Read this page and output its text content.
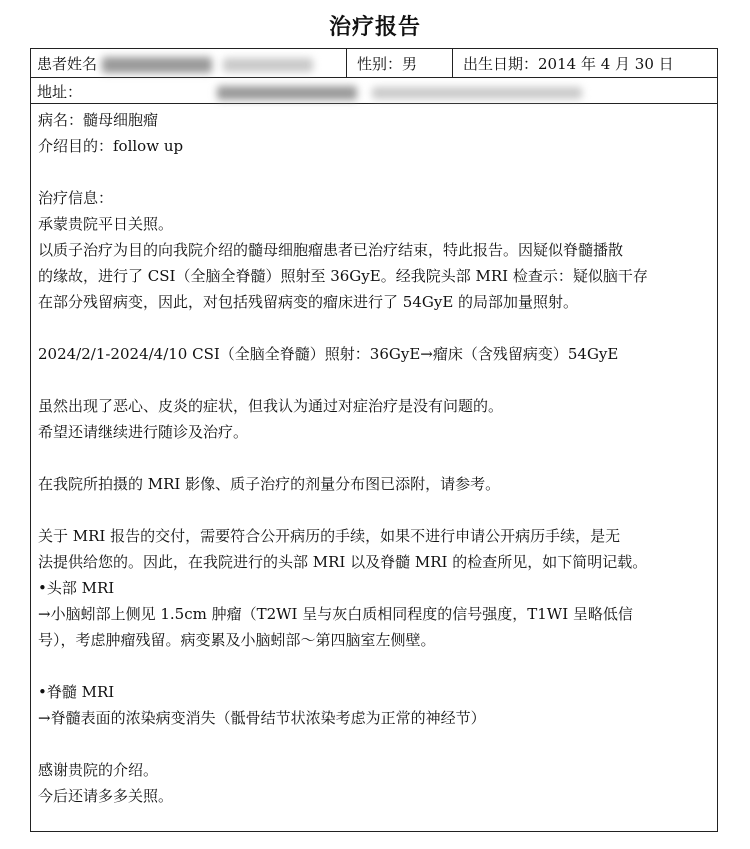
治疗报告
患者姓名	性别：男	出生日期：2014 年 4 月 30 日
地址：
病名：髓母细胞瘤
介绍目的：follow up
治疗信息：
承蒙贵院平日关照。
以质子治疗为目的向我院介绍的髓母细胞瘤患者已治疗结束，特此报告。因疑似脊髓播散
的缘故，进行了 CSI（全脑全脊髓）照射至 36GyE。经我院头部 MRI 检查示：疑似脑干存
在部分残留病变，因此，对包括残留病变的瘤床进行了 54GyE 的局部加量照射。
2024/2/1-2024/4/10 CSI（全脑全脊髓）照射：36GyE→瘤床（含残留病变）54GyE
虽然出现了恶心、皮炎的症状，但我认为通过对症治疗是没有问题的。
希望还请继续进行随诊及治疗。
在我院所拍摄的 MRI 影像、质子治疗的剂量分布图已添附，请参考。
关于 MRI 报告的交付，需要符合公开病历的手续，如果不进行申请公开病历手续，是无
法提供给您的。因此，在我院进行的头部 MRI 以及脊髓 MRI 的检查所见，如下简明记载。
•头部 MRI
→小脑蚓部上侧见 1.5cm 肿瘤（T2WI 呈与灰白质相同程度的信号强度，T1WI 呈略低信
号），考虑肿瘤残留。病变累及小脑蚓部～第四脑室左侧壁。
•脊髓 MRI
→脊髓表面的浓染病变消失（骶骨结节状浓染考虑为正常的神经节）
感谢贵院的介绍。
今后还请多多关照。
